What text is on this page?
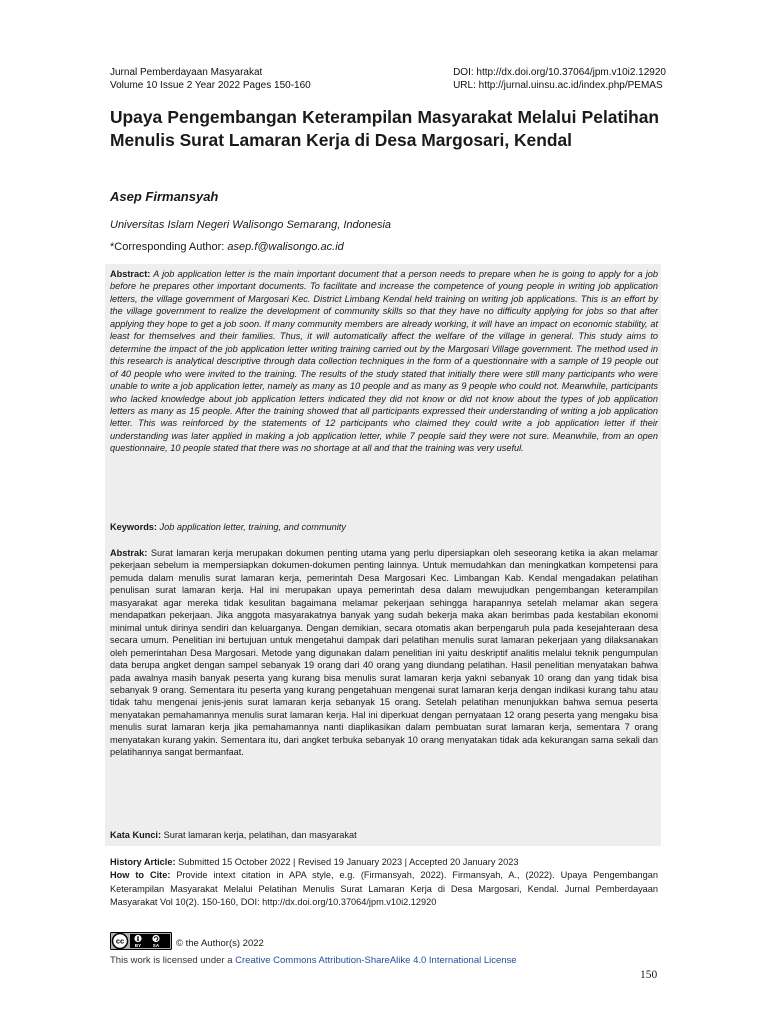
Jurnal Pemberdayaan Masyarakat
Volume 10 Issue 2 Year 2022 Pages 150-160
DOI: http://dx.doi.org/10.37064/jpm.v10i2.12920
URL: http://jurnal.uinsu.ac.id/index.php/PEMAS
Upaya Pengembangan Keterampilan Masyarakat Melalui Pelatihan Menulis Surat Lamaran Kerja di Desa Margosari, Kendal
Asep Firmansyah
Universitas Islam Negeri Walisongo Semarang, Indonesia
*Corresponding Author: asep.f@walisongo.ac.id
Abstract: A job application letter is the main important document that a person needs to prepare when he is going to apply for a job before he prepares other important documents. To facilitate and increase the competence of young people in writing job application letters, the village government of Margosari Kec. District Limbang Kendal held training on writing job applications. This is an effort by the village government to realize the development of community skills so that they have no difficulty applying for jobs so that after applying they hope to get a job soon. If many community members are already working, it will have an impact on economic stability, at least for themselves and their families. Thus, it will automatically affect the welfare of the village in general. This study aims to determine the impact of the job application letter writing training carried out by the Margosari Village government. The method used in this research is analytical descriptive through data collection techniques in the form of a questionnaire with a sample of 19 people out of 40 people who were invited to the training. The results of the study stated that initially there were still many participants who were unable to write a job application letter, namely as many as 10 people and as many as 9 people who could not. Meanwhile, participants who lacked knowledge about job application letters indicated they did not know or did not know about the types of job application letters as many as 15 people. After the training showed that all participants expressed their understanding of writing a job application letter. This was reinforced by the statements of 12 participants who claimed they could write a job application letter if their understanding was later applied in making a job application letter, while 7 people said they were not sure. Meanwhile, from an open questionnaire, 10 people stated that there was no shortage at all and that the training was very useful.
Keywords: Job application letter, training, and community
Abstrak: Surat lamaran kerja merupakan dokumen penting utama yang perlu dipersiapkan oleh seseorang ketika ia akan melamar pekerjaan sebelum ia mempersiapkan dokumen-dokumen penting lainnya. Untuk memudahkan dan meningkatkan kompetensi para pemuda dalam menulis surat lamaran kerja, pemerintah Desa Margosari Kec. Limbangan Kab. Kendal mengadakan pelatihan penulisan surat lamaran kerja. Hal ini merupakan upaya pemerintah desa dalam mewujudkan pengembangan keterampilan masyarakat agar mereka tidak kesulitan bagaimana melamar pekerjaan sehingga harapannya setelah melamar akan segera mendapatkan pekerjaan. Jika anggota masyarakatnya banyak yang sudah bekerja maka akan berimbas pada kestabilan ekonomi minimal untuk dirinya sendiri dan keluarganya. Dengan demikian, secara otomatis akan berpengaruh pula pada kesejahteraan desa secara umum. Penelitian ini bertujuan untuk mengetahui dampak dari pelatihan menulis surat lamaran pekerjaan yang dilaksanakan oleh pemerintahan Desa Margosari. Metode yang digunakan dalam penelitian ini yaitu deskriptif analitis melalui teknik pengumpulan data berupa angket dengan sampel sebanyak 19 orang dari 40 orang yang diundang pelatihan. Hasil penelitian menyatakan bahwa pada awalnya masih banyak peserta yang kurang bisa menulis surat lamaran kerja yakni sebanyak 10 orang dan yang tidak bisa sebanyak 9 orang. Sementara itu peserta yang kurang pengetahuan mengenai surat lamaran kerja dengan indikasi kurang tahu atau tidak tahu mengenai jenis-jenis surat lamaran kerja sebanyak 15 orang. Setelah pelatihan menunjukkan bahwa semua peserta menyatakan pemahamannya menulis surat lamaran kerja. Hal ini diperkuat dengan pernyataan 12 orang peserta yang mengaku bisa menulis surat lamaran kerja jika pemahamannya nanti diaplikasikan dalam pembuatan surat lamaran kerja, sementara 7 orang menyatakan kurang yakin. Sementara itu, dari angket terbuka sebanyak 10 orang menyatakan tidak ada kekurangan sama sekali dan pelatihannya sangat bermanfaat.
Kata Kunci: Surat lamaran kerja, pelatihan, dan masyarakat
History Article: Submitted 15 October 2022 | Revised 19 January 2023 | Accepted 20 January 2023
How to Cite: Provide intext citation in APA style, e.g. (Firmansyah, 2022). Firmansyah, A., (2022). Upaya Pengembangan Keterampilan Masyarakat Melalui Pelatihan Menulis Surat Lamaran Kerja di Desa Margosari, Kendal. Jurnal Pemberdayaan Masyarakat Vol 10(2). 150-160, DOI: http://dx.doi.org/10.37064/jpm.v10i2.12920
cc BY	SA © the Author(s) 2022
This work is licensed under a Creative Commons Attribution-ShareAlike 4.0 International License
150
